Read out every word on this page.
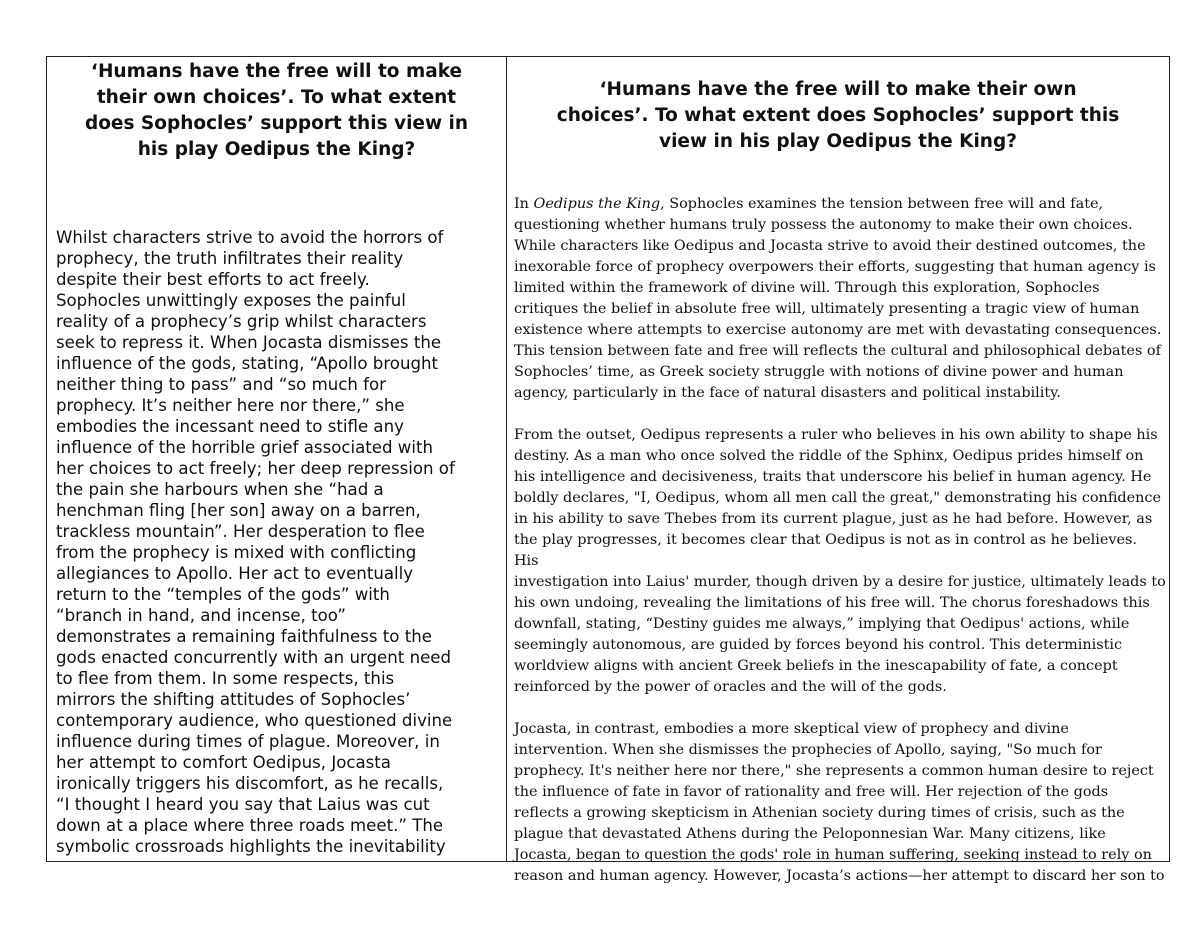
‘Humans have the free will to make
their own choices’. To what extent
does Sophocles’ support this view in
his play Oedipus the King?
Whilst characters strive to avoid the horrors of
prophecy, the truth infiltrates their reality
despite their best efforts to act freely.
Sophocles unwittingly exposes the painful
reality of a prophecy’s grip whilst characters
seek to repress it. When Jocasta dismisses the
influence of the gods, stating, “Apollo brought
neither thing to pass” and “so much for
prophecy. It’s neither here nor there,” she
embodies the incessant need to stifle any
influence of the horrible grief associated with
her choices to act freely; her deep repression of
the pain she harbours when she “had a
henchman fling [her son] away on a barren,
trackless mountain”. Her desperation to flee
from the prophecy is mixed with conflicting
allegiances to Apollo. Her act to eventually
return to the “temples of the gods” with
“branch in hand, and incense, too”
demonstrates a remaining faithfulness to the
gods enacted concurrently with an urgent need
to flee from them. In some respects, this
mirrors the shifting attitudes of Sophocles’
contemporary audience, who questioned divine
influence during times of plague. Moreover, in
her attempt to comfort Oedipus, Jocasta
ironically triggers his discomfort, as he recalls,
“I thought I heard you say that Laius was cut
down at a place where three roads meet.” The
symbolic crossroads highlights the inevitability
‘Humans have the free will to make their own
choices’. To what extent does Sophocles’ support this
view in his play Oedipus the King?

In Oedipus the King, Sophocles examines the tension between free will and fate,
questioning whether humans truly possess the autonomy to make their own choices.
While characters like Oedipus and Jocasta strive to avoid their destined outcomes, the
inexorable force of prophecy overpowers their efforts, suggesting that human agency is
limited within the framework of divine will. Through this exploration, Sophocles
critiques the belief in absolute free will, ultimately presenting a tragic view of human
existence where attempts to exercise autonomy are met with devastating consequences.
This tension between fate and free will reflects the cultural and philosophical debates of
Sophocles’ time, as Greek society struggle with notions of divine power and human
agency, particularly in the face of natural disasters and political instability.

From the outset, Oedipus represents a ruler who believes in his own ability to shape his
destiny. As a man who once solved the riddle of the Sphinx, Oedipus prides himself on
his intelligence and decisiveness, traits that underscore his belief in human agency. He
boldly declares, "I, Oedipus, whom all men call the great," demonstrating his confidence
in his ability to save Thebes from its current plague, just as he had before. However, as
the play progresses, it becomes clear that Oedipus is not as in control as he believes. His
investigation into Laius' murder, though driven by a desire for justice, ultimately leads to
his own undoing, revealing the limitations of his free will. The chorus foreshadows this
downfall, stating, “Destiny guides me always,” implying that Oedipus' actions, while
seemingly autonomous, are guided by forces beyond his control. This deterministic
worldview aligns with ancient Greek beliefs in the inescapability of fate, a concept
reinforced by the power of oracles and the will of the gods.

Jocasta, in contrast, embodies a more skeptical view of prophecy and divine
intervention. When she dismisses the prophecies of Apollo, saying, "So much for
prophecy. It's neither here nor there," she represents a common human desire to reject
the influence of fate in favor of rationality and free will. Her rejection of the gods
reflects a growing skepticism in Athenian society during times of crisis, such as the
plague that devastated Athens during the Peloponnesian War. Many citizens, like
Jocasta, began to question the gods' role in human suffering, seeking instead to rely on
reason and human agency. However, Jocasta’s actions—her attempt to discard her son to
